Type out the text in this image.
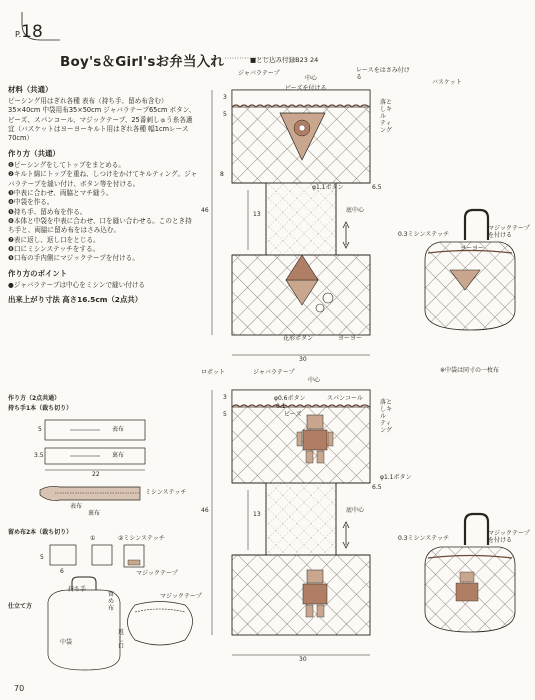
P.18
Boy's＆Girl'sお弁当入れ	■とじ込み付録B23 24
材料（共通）

ピーシング用はぎれ各種 表布（持ち手、留め布含む）35×40cm 中袋用布35×50cm ジャバラテープ65cm ボタン、ビーズ、スパンコール、マジックテープ、25番刺しゅう糸各適宜（バスケットはヨーヨーキルト用はぎれ各種 幅1cmレース70cm）

作り方（共通）

❶ピーシングをしてトップをまとめる。

❷キルト綿にトップを重ね、しつけをかけてキルティング。ジャバラテープを縫い付け、ボタン等を付ける。

❸中表に合わせ、両脇とマチ縫う。

❹中袋を作る。

❺持ち手、留め布を作る。

❻本体と中袋を中表に合わせ、口を縫い合わせる。このとき持ち手と、両脇に留め布をはさみ込む。

❼表に返し、返し口をとじる。

❽口にミシンステッチをする。

❾口布の手内側にマジックテープを付ける。

作り方のポイント

●ジャバラテープは中心をミシンで縫い付ける

出来上がり寸法 高さ16.5cm（2点共）
ジャバラテープ
中心
ビーズを付ける
レースをはさみ付ける
バスケット
落としキルティング
φ1.1ボタン
底中心
花形ボタン	ヨーヨー
30
46
13
6.5
3
5
8
0.3ミシンステッチ
マジックテープを付ける
ヨーヨー
※中袋は同寸の一枚布
ロボット	ジャバラテープ
中心
φ0.6ボタン
ビーズ
スパンコール
0.1
落としキルティング
φ1.1ボタン
底中心
30
46
13
6.5
3
5
0.3ミシンステッチ
マジックテープを付ける
作り方（2点共通）
持ち手1本（裁ち切り）
表布
裏布
5
3.5
22
ミシンステッチ
表布
裏布
留め布2本（裁ち切り）
①	②ミシンステッチ
マジックテープ
5
6
仕立て方
持ち手
留め布
中袋
返し口
マジックテープ
70
